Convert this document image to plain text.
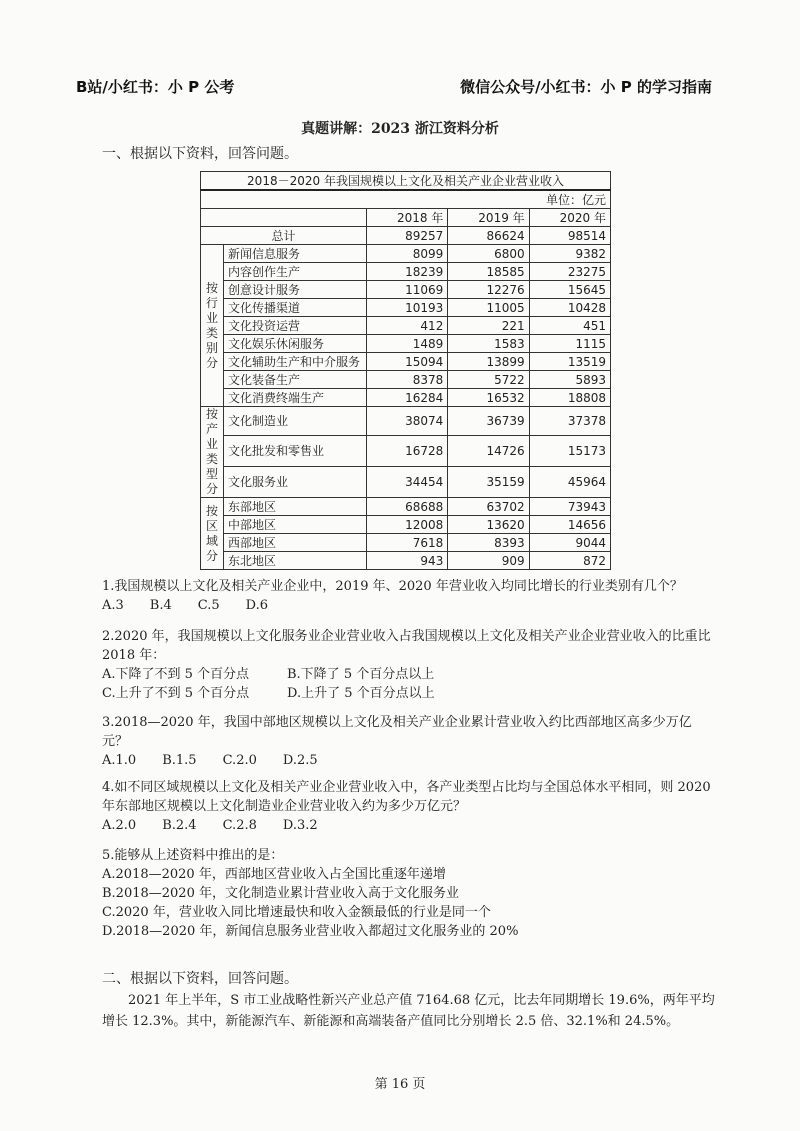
B站/小红书：小 P 公考	微信公众号/小红书：小 P 的学习指南
真题讲解：2023 浙江资料分析
一、根据以下资料，回答问题。
2018－2020 年我国规模以上文化及相关产业企业营业收入				
单位：亿元				
		2018 年	2019 年	2020 年
总计		89257	86624	98514
按行业类别分	新闻信息服务	8099	6800	9382
	内容创作生产	18239	18585	23275
	创意设计服务	11069	12276	15645
	文化传播渠道	10193	11005	10428
	文化投资运营	412	221	451
	文化娱乐休闲服务	1489	1583	1115
	文化辅助生产和中介服务	15094	13899	13519
	文化装备生产	8378	5722	5893
	文化消费终端生产	16284	16532	18808
按产业类型分	文化制造业	38074	36739	37378
	文化批发和零售业	16728	14726	15173
	文化服务业	34454	35159	45964
按区域分	东部地区	68688	63702	73943
	中部地区	12008	13620	14656
	西部地区	7618	8393	9044
	东北地区	943	909	872

1.我国规模以上文化及相关产业企业中，2019 年、2020 年营业收入均同比增长的行业类别有几个？

A.3 B.4 C.5 D.6

2.2020 年，我国规模以上文化服务业企业营业收入占我国规模以上文化及相关产业企业营业收入的比重比 2018 年：

A.下降了不到 5 个百分点	B.下降了 5 个百分点以上
C.上升了不到 5 个百分点	D.上升了 5 个百分点以上

3.2018—2020 年，我国中部地区规模以上文化及相关产业企业累计营业收入约比西部地区高多少万亿元？

A.1.0 B.1.5 C.2.0 D.2.5

4.如不同区域规模以上文化及相关产业企业营业收入中，各产业类型占比均与全国总体水平相同，则 2020 年东部地区规模以上文化制造业企业营业收入约为多少万亿元？

A.2.0 B.2.4 C.2.8 D.3.2

5.能够从上述资料中推出的是：

A.2018—2020 年，西部地区营业收入占全国比重逐年递增

B.2018—2020 年，文化制造业累计营业收入高于文化服务业

C.2020 年，营业收入同比增速最快和收入金额最低的行业是同一个

D.2018—2020 年，新闻信息服务业营业收入都超过文化服务业的 20%

二、根据以下资料，回答问题。
2021 年上半年，S 市工业战略性新兴产业总产值 7164.68 亿元，比去年同期增长 19.6%，两年平均增长 12.3%。其中，新能源汽车、新能源和高端装备产值同比分别增长 2.5 倍、32.1%和 24.5%。
第 16 页
